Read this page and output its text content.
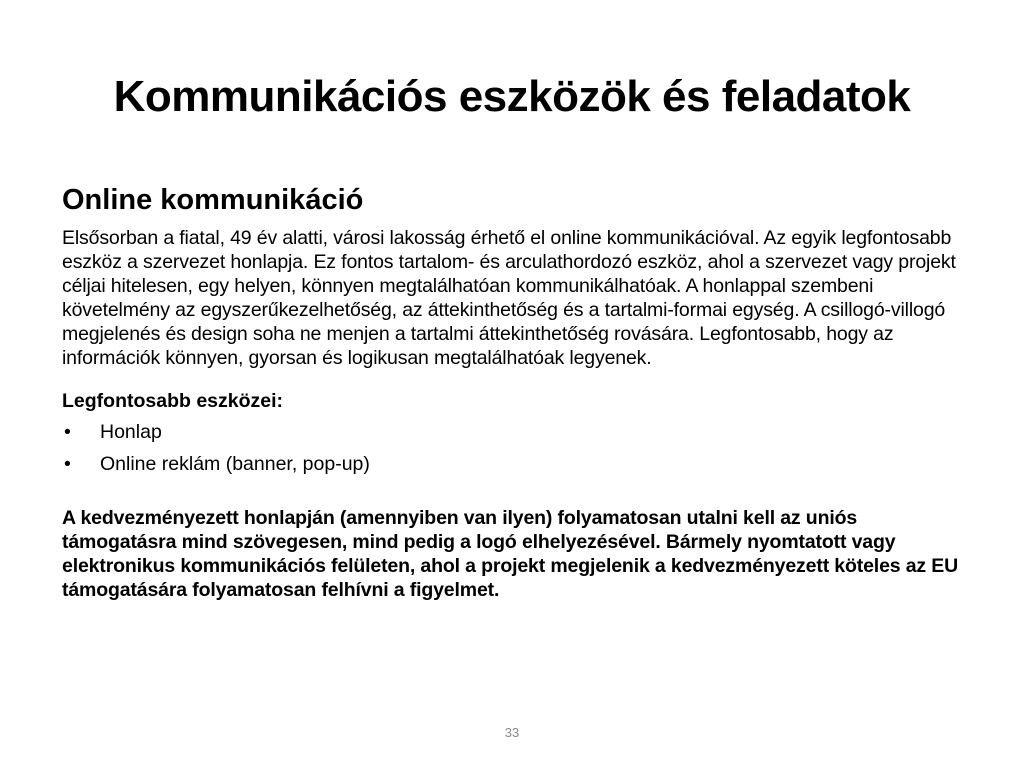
Kommunikációs eszközök és feladatok
Online kommunikáció

Elsősorban a fiatal, 49 év alatti, városi lakosság érhető el online kommunikációval. Az egyik legfontosabb eszköz a szervezet honlapja. Ez fontos tartalom- és arculathordozó eszköz, ahol a szervezet vagy projekt céljai hitelesen, egy helyen, könnyen megtalálhatóan kommunikálhatóak. A honlappal szembeni követelmény az egyszerűkezelhetőség, az áttekinthetőség és a tartalmi-formai egység. A csillogó-villogó megjelenés és design soha ne menjen a tartalmi áttekinthetőség rovására. Legfontosabb, hogy az információk könnyen, gyorsan és logikusan megtalálhatóak legyenek.

Legfontosabb eszközei:

• Honlap
• Online reklám (banner, pop-up)

A kedvezményezett honlapján (amennyiben van ilyen) folyamatosan utalni kell az uniós támogatásra mind szövegesen, mind pedig a logó elhelyezésével. Bármely nyomtatott vagy elektronikus kommunikációs felületen, ahol a projekt megjelenik a kedvezményezett köteles az EU támogatására folyamatosan felhívni a figyelmet.

33
